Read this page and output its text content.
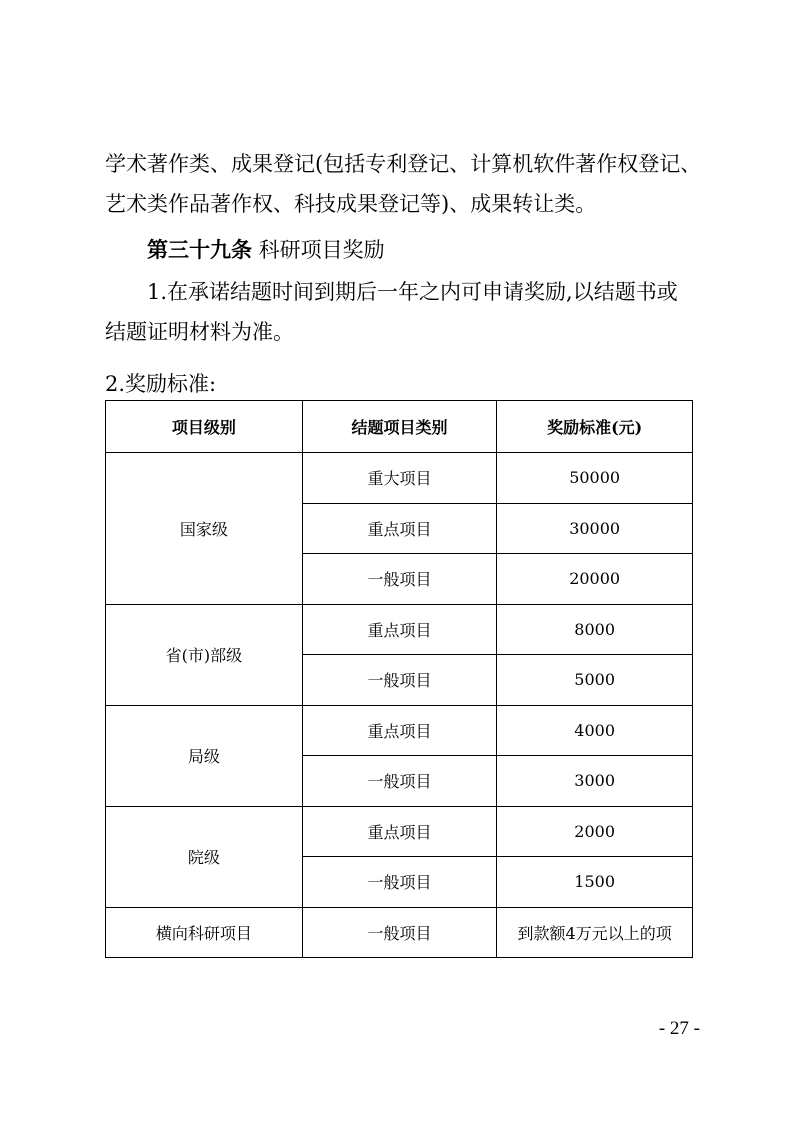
学术著作类、成果登记(包括专利登记、计算机软件著作权登记、
艺术类作品著作权、科技成果登记等)、成果转让类。

第三十九条 科研项目奖励

1.在承诺结题时间到期后一年之内可申请奖励,以结题书或
结题证明材料为准。

2.奖励标准:

项目级别	结题项目类别	奖励标准(元)
国家级	重大项目	50000
	重点项目	30000
	一般项目	20000
省(市)部级	重点项目	8000
	一般项目	5000
局级	重点项目	4000
	一般项目	3000
院级	重点项目	2000
	一般项目	1500
横向科研项目	一般项目	到款额4万元以上的项
- 27 -
